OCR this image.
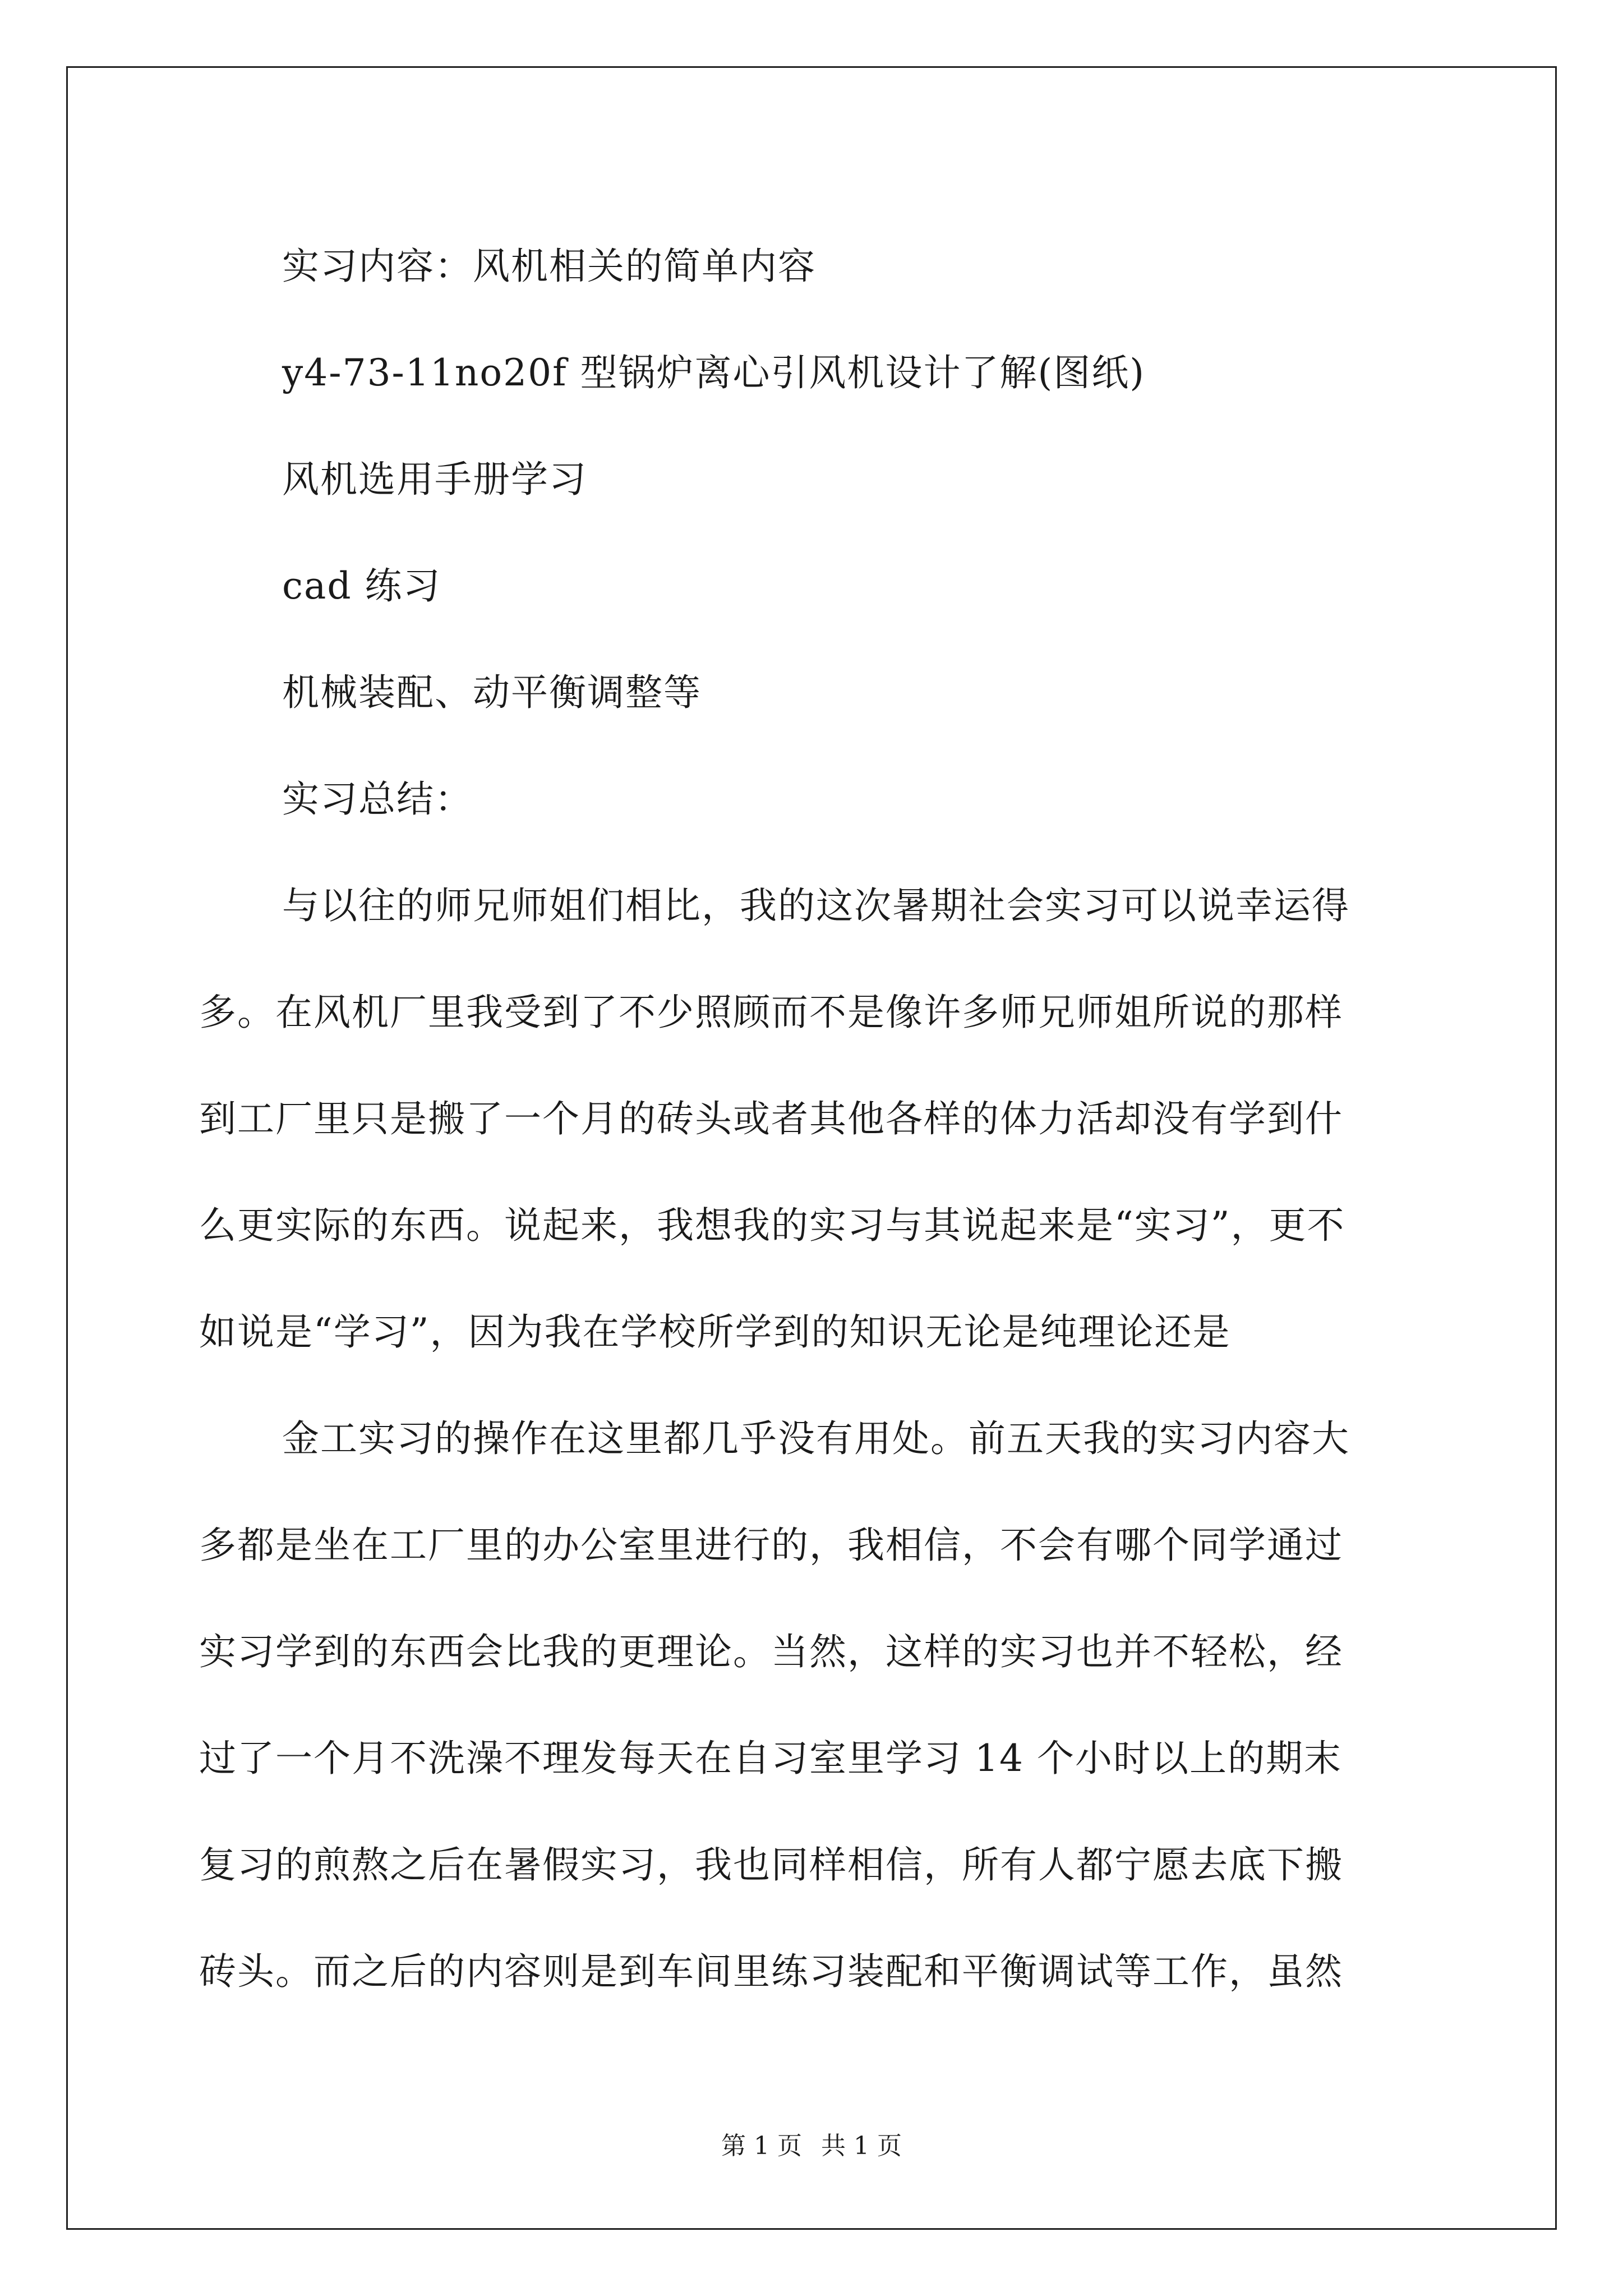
实习内容：风机相关的简单内容

y4-73-11no20f 型锅炉离心引风机设计了解(图纸)

风机选用手册学习

cad 练习

机械装配、动平衡调整等

实习总结：

与以往的师兄师姐们相比，我的这次暑期社会实习可以说幸运得

多。在风机厂里我受到了不少照顾而不是像许多师兄师姐所说的那样

到工厂里只是搬了一个月的砖头或者其他各样的体力活却没有学到什

么更实际的东西。说起来，我想我的实习与其说起来是“实习”，更不

如说是“学习”，因为我在学校所学到的知识无论是纯理论还是

金工实习的操作在这里都几乎没有用处。前五天我的实习内容大

多都是坐在工厂里的办公室里进行的，我相信，不会有哪个同学通过

实习学到的东西会比我的更理论。当然，这样的实习也并不轻松，经

过了一个月不洗澡不理发每天在自习室里学习 14 个小时以上的期末

复习的煎熬之后在暑假实习，我也同样相信，所有人都宁愿去底下搬

砖头。而之后的内容则是到车间里练习装配和平衡调试等工作，虽然

第 1 页 共 1 页
